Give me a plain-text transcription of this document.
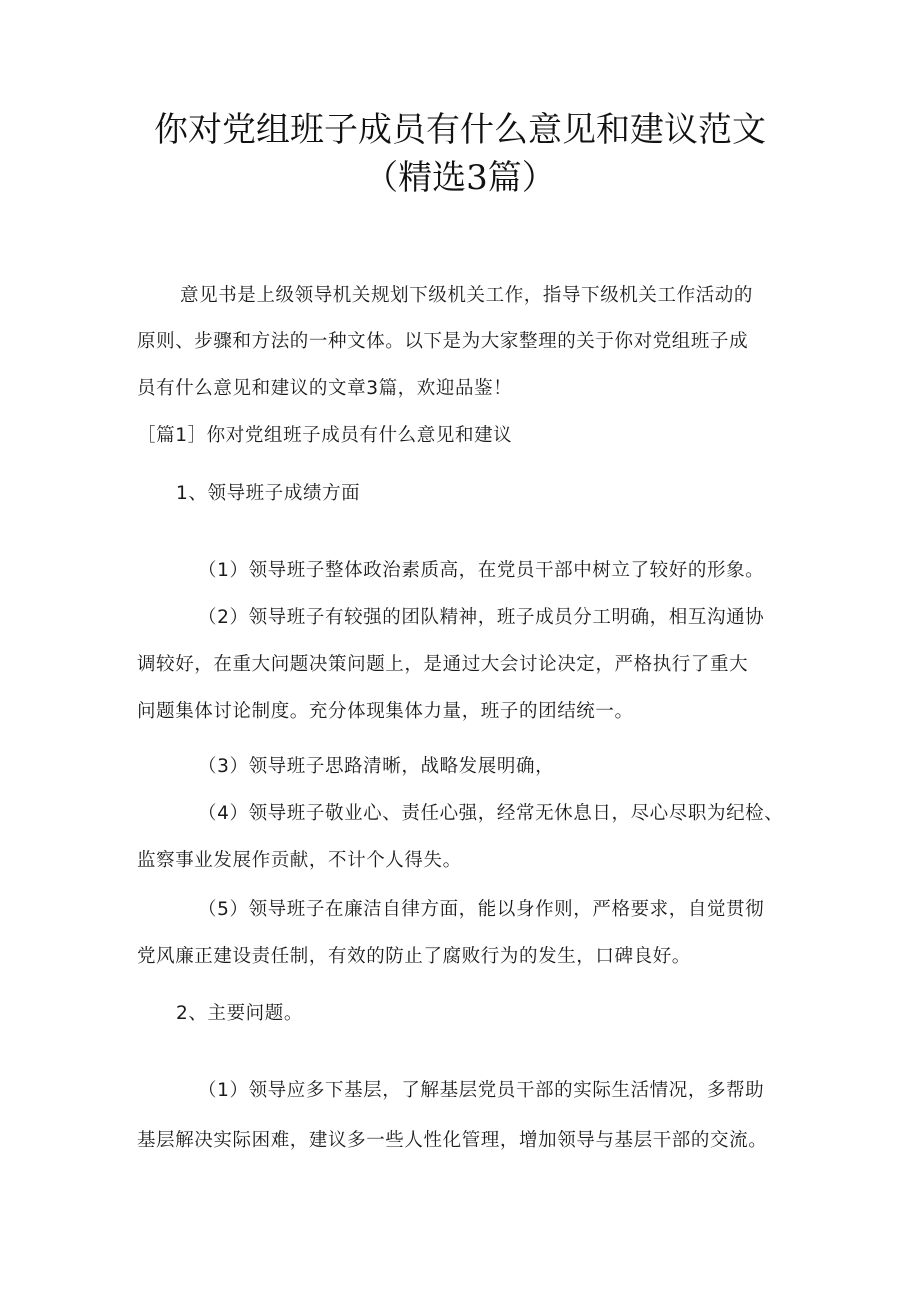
你对党组班子成员有什么意见和建议范文
（精选3篇）
意见书是上级领导机关规划下级机关工作，指导下级机关工作活动的
原则、步骤和方法的一种文体。以下是为大家整理的关于你对党组班子成
员有什么意见和建议的文章3篇，欢迎品鉴！
［篇1］你对党组班子成员有什么意见和建议
1、领导班子成绩方面
（1）领导班子整体政治素质高，在党员干部中树立了较好的形象。
（2）领导班子有较强的团队精神，班子成员分工明确，相互沟通协
调较好，在重大问题决策问题上，是通过大会讨论决定，严格执行了重大
问题集体讨论制度。充分体现集体力量，班子的团结统一。
（3）领导班子思路清晰，战略发展明确，
（4）领导班子敬业心、责任心强，经常无休息日，尽心尽职为纪检、
监察事业发展作贡献，不计个人得失。
（5）领导班子在廉洁自律方面，能以身作则，严格要求，自觉贯彻
党风廉正建设责任制，有效的防止了腐败行为的发生，口碑良好。
2、主要问题。
（1）领导应多下基层，了解基层党员干部的实际生活情况，多帮助
基层解决实际困难，建议多一些人性化管理，增加领导与基层干部的交流。
